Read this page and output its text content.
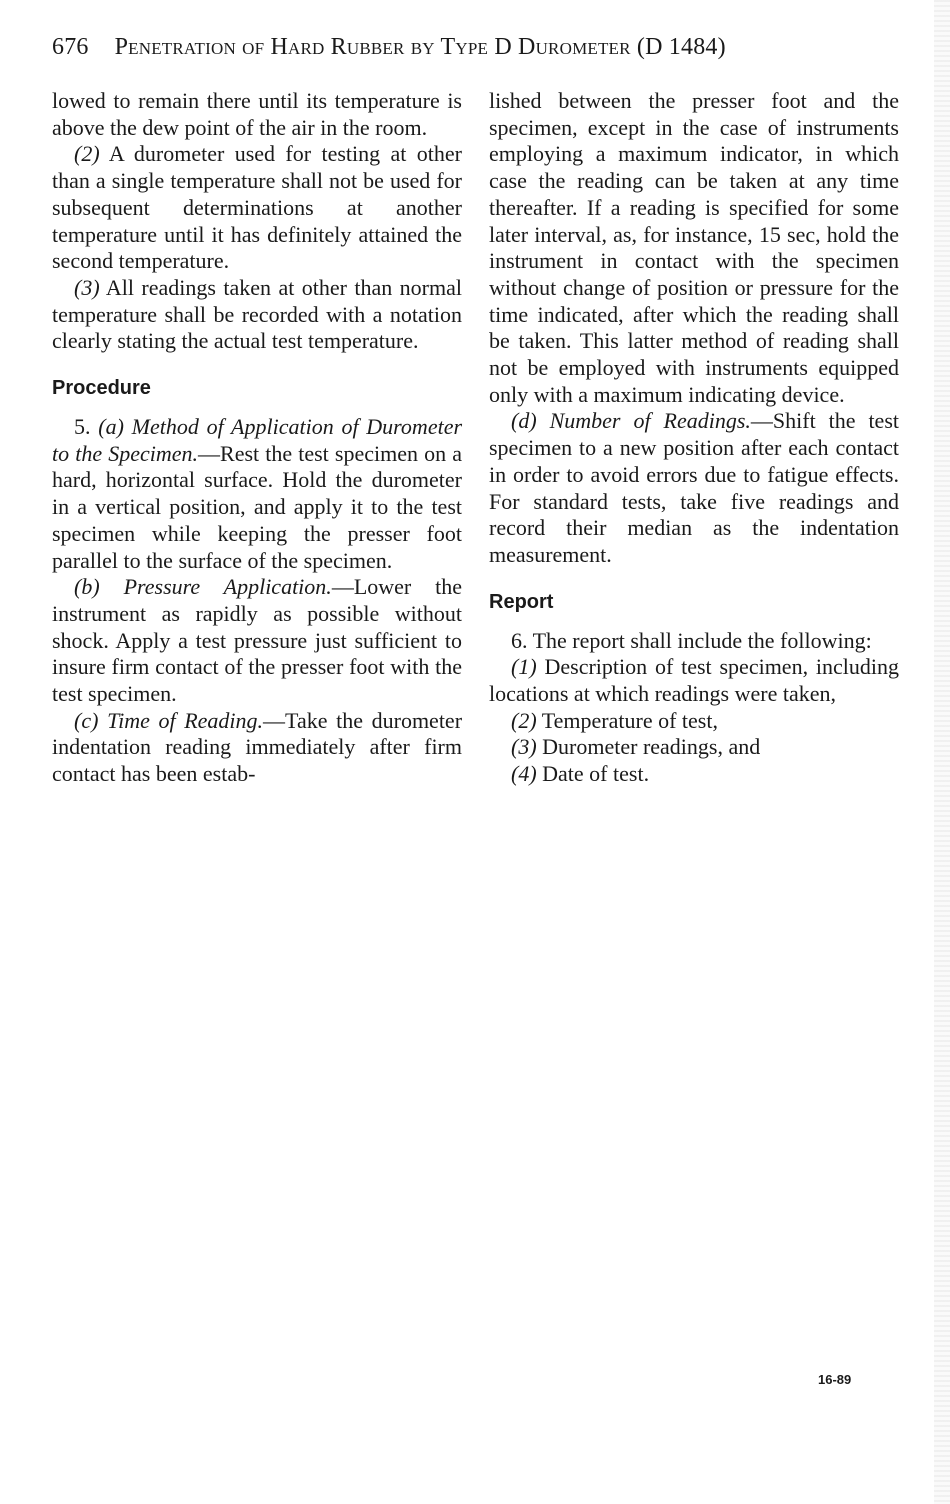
676 Penetration of Hard Rubber by Type D Durometer (D 1484)

lowed to remain there until its temperature is above the dew point of the air in the room.

(2) A durometer used for testing at other than a single temperature shall not be used for subsequent determinations at another temperature until it has definitely attained the second temperature.

(3) All readings taken at other than normal temperature shall be recorded with a notation clearly stating the actual test temperature.

Procedure

5. (a) Method of Application of Durometer to the Specimen.—Rest the test specimen on a hard, horizontal surface. Hold the durometer in a vertical position, and apply it to the test specimen while keeping the presser foot parallel to the surface of the specimen.

(b) Pressure Application.—Lower the instrument as rapidly as possible without shock. Apply a test pressure just sufficient to insure firm contact of the presser foot with the test specimen.

(c) Time of Reading.—Take the durometer indentation reading immediately after firm contact has been estab-

lished between the presser foot and the specimen, except in the case of instruments employing a maximum indicator, in which case the reading can be taken at any time thereafter. If a reading is specified for some later interval, as, for instance, 15 sec, hold the instrument in contact with the specimen without change of position or pressure for the time indicated, after which the reading shall be taken. This latter method of reading shall not be employed with instruments equipped only with a maximum indicating device.

(d) Number of Readings.—Shift the test specimen to a new position after each contact in order to avoid errors due to fatigue effects. For standard tests, take five readings and record their median as the indentation measurement.

Report

6. The report shall include the following:

(1) Description of test specimen, including locations at which readings were taken,

(2) Temperature of test,

(3) Durometer readings, and

(4) Date of test.

16-89
